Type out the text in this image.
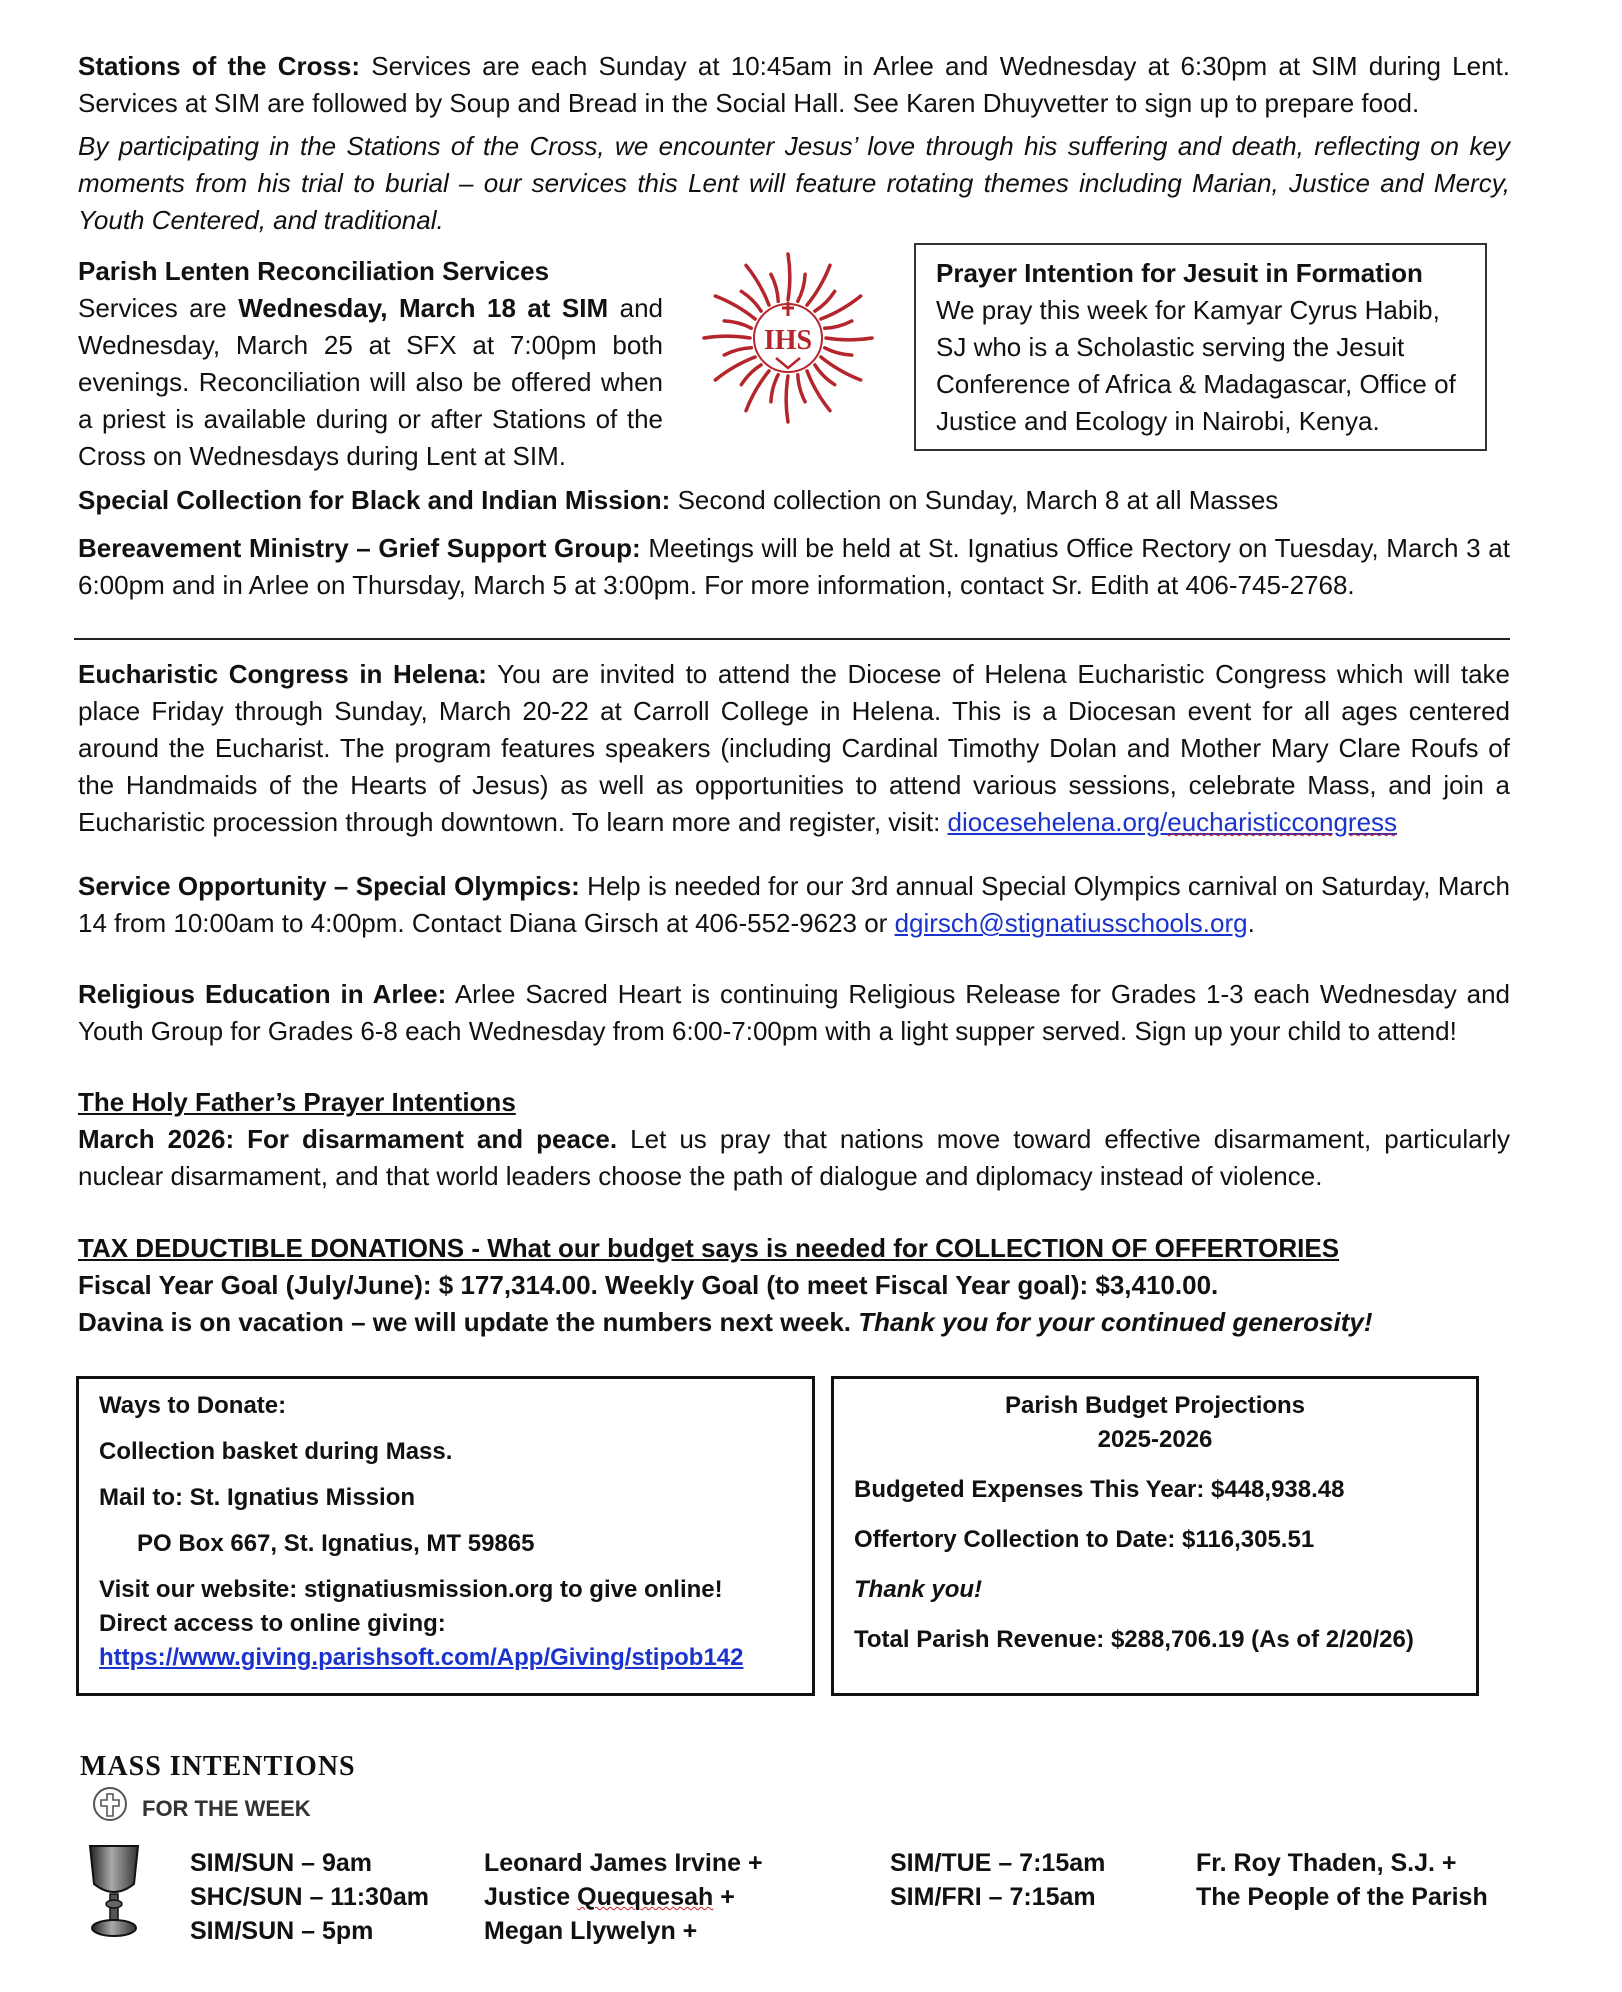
Stations of the Cross: Services are each Sunday at 10:45am in Arlee and Wednesday at 6:30pm at SIM during Lent. Services at SIM are followed by Soup and Bread in the Social Hall. See Karen Dhuyvetter to sign up to prepare food.

By participating in the Stations of the Cross, we encounter Jesus’ love through his suffering and death, reflecting on key moments from his trial to burial – our services this Lent will feature rotating themes including Marian, Justice and Mercy, Youth Centered, and traditional.

Parish Lenten Reconciliation Services

Services are Wednesday, March 18 at SIM and Wednesday, March 25 at SFX at 7:00pm both evenings. Reconciliation will also be offered when a priest is available during or after Stations of the Cross on Wednesdays during Lent at SIM.

IHS

Prayer Intention for Jesuit in Formation

We pray this week for Kamyar Cyrus Habib, SJ who is a Scholastic serving the Jesuit Conference of Africa & Madagascar, Office of Justice and Ecology in Nairobi, Kenya.

Special Collection for Black and Indian Mission: Second collection on Sunday, March 8 at all Masses

Bereavement Ministry – Grief Support Group: Meetings will be held at St. Ignatius Office Rectory on Tuesday, March 3 at 6:00pm and in Arlee on Thursday, March 5 at 3:00pm. For more information, contact Sr. Edith at 406-745-2768.

Eucharistic Congress in Helena: You are invited to attend the Diocese of Helena Eucharistic Congress which will take place Friday through Sunday, March 20-22 at Carroll College in Helena. This is a Diocesan event for all ages centered around the Eucharist. The program features speakers (including Cardinal Timothy Dolan and Mother Mary Clare Roufs of the Handmaids of the Hearts of Jesus) as well as opportunities to attend various sessions, celebrate Mass, and join a Eucharistic procession through downtown. To learn more and register, visit: diocesehelena.org/eucharisticcongress

Service Opportunity – Special Olympics: Help is needed for our 3rd annual Special Olympics carnival on Saturday, March 14 from 10:00am to 4:00pm. Contact Diana Girsch at 406-552-9623 or dgirsch@stignatiusschools.org.

Religious Education in Arlee: Arlee Sacred Heart is continuing Religious Release for Grades 1-3 each Wednesday and Youth Group for Grades 6-8 each Wednesday from 6:00-7:00pm with a light supper served. Sign up your child to attend!

The Holy Father’s Prayer Intentions

March 2026: For disarmament and peace. Let us pray that nations move toward effective disarmament, particularly nuclear disarmament, and that world leaders choose the path of dialogue and diplomacy instead of violence.

TAX DEDUCTIBLE DONATIONS - What our budget says is needed for COLLECTION OF OFFERTORIES

Fiscal Year Goal (July/June): $ 177,314.00. Weekly Goal (to meet Fiscal Year goal): $3,410.00.

Davina is on vacation – we will update the numbers next week. Thank you for your continued generosity!

Ways to Donate:

Collection basket during Mass.

Mail to: St. Ignatius Mission

PO Box 667, St. Ignatius, MT 59865

Visit our website: stignatiusmission.org to give online!

Direct access to online giving:

https://www.giving.parishsoft.com/App/Giving/stipob142

Parish Budget Projections

2025-2026

Budgeted Expenses This Year: $448,938.48

Offertory Collection to Date: $116,305.51

Thank you!

Total Parish Revenue: $288,706.19 (As of 2/20/26)

MASS INTENTIONS
FOR THE WEEK
SIM/SUN – 9am
SHC/SUN – 11:30am
SIM/SUN – 5pm
Leonard James Irvine +
Justice Quequesah +
Megan Llywelyn +
SIM/TUE – 7:15am
SIM/FRI – 7:15am
Fr. Roy Thaden, S.J. +
The People of the Parish
